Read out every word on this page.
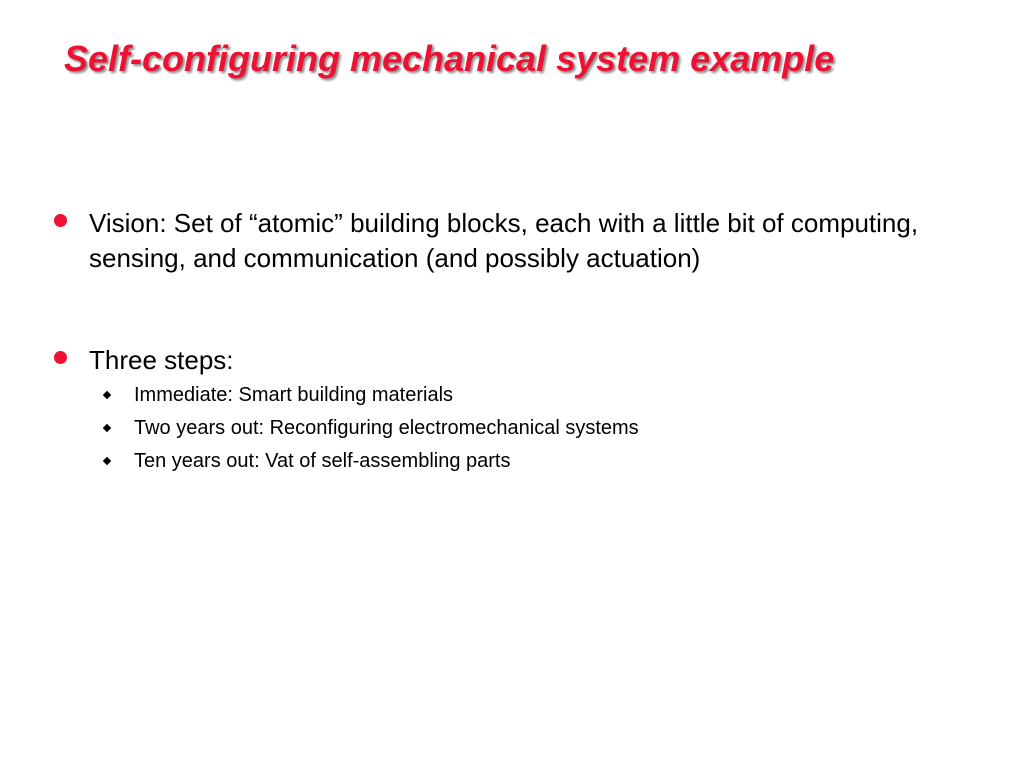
Self-configuring mechanical system example
Vision: Set of “atomic” building blocks, each with a little bit of computing, sensing, and communication (and possibly actuation)
Three steps:
Immediate: Smart building materials
Two years out: Reconfiguring electromechanical systems
Ten years out: Vat of self-assembling parts
